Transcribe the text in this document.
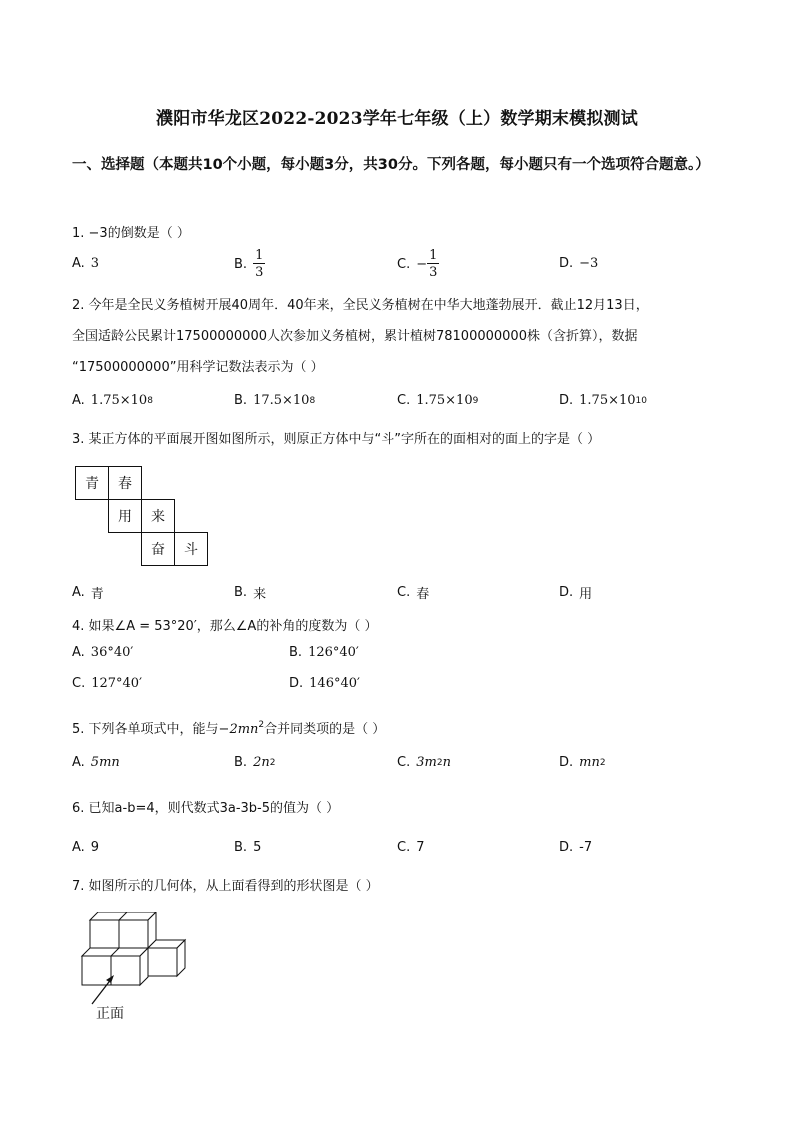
濮阳市华龙区2022-2023学年七年级（上）数学期末模拟测试
一、选择题（本题共10个小题，每小题3分，共30分。下列各题，每小题只有一个选项符合题意。）
1. −3的倒数是（ ）
A. 3	B. $\frac{1}{3}$	C. − $\frac{1}{3}$	D. −3
2. 今年是全民义务植树开展40周年．40年来，全民义务植树在中华大地蓬勃展开．截止12月13日，
全国适龄公民累计17500000000人次参加义务植树，累计植树78100000000株（含折算），数据
“17500000000”用科学记数法表示为（ ）
A. 1.75×10 8	B. 17.5×10 8	C. 1.75×10 9	D. 1.75×10 10
3. 某正方体的平面展开图如图所示，则原正方体中与“斗”字所在的面相对的面上的字是（ ）
青	春
用	来
奋	斗
A. 青	B. 来	C. 春	D. 用
4. 如果∠A = 53°20′，那么∠A的补角的度数为（ ）
A. 36°40′	B. 126°40′
C. 127°40′	D. 146°40′
5. 下列各单项式中，能与$-2mn^2$合并同类项的是（ ）
A. 5mn	B. 2n 2	C. 3m 2 n	D. mn 2
6. 已知a-b=4，则代数式3a-3b-5的值为（ ）
A. 9	B. 5	C. 7	D. -7
7. 如图所示的几何体，从上面看得到的形状图是（ ）
正面
